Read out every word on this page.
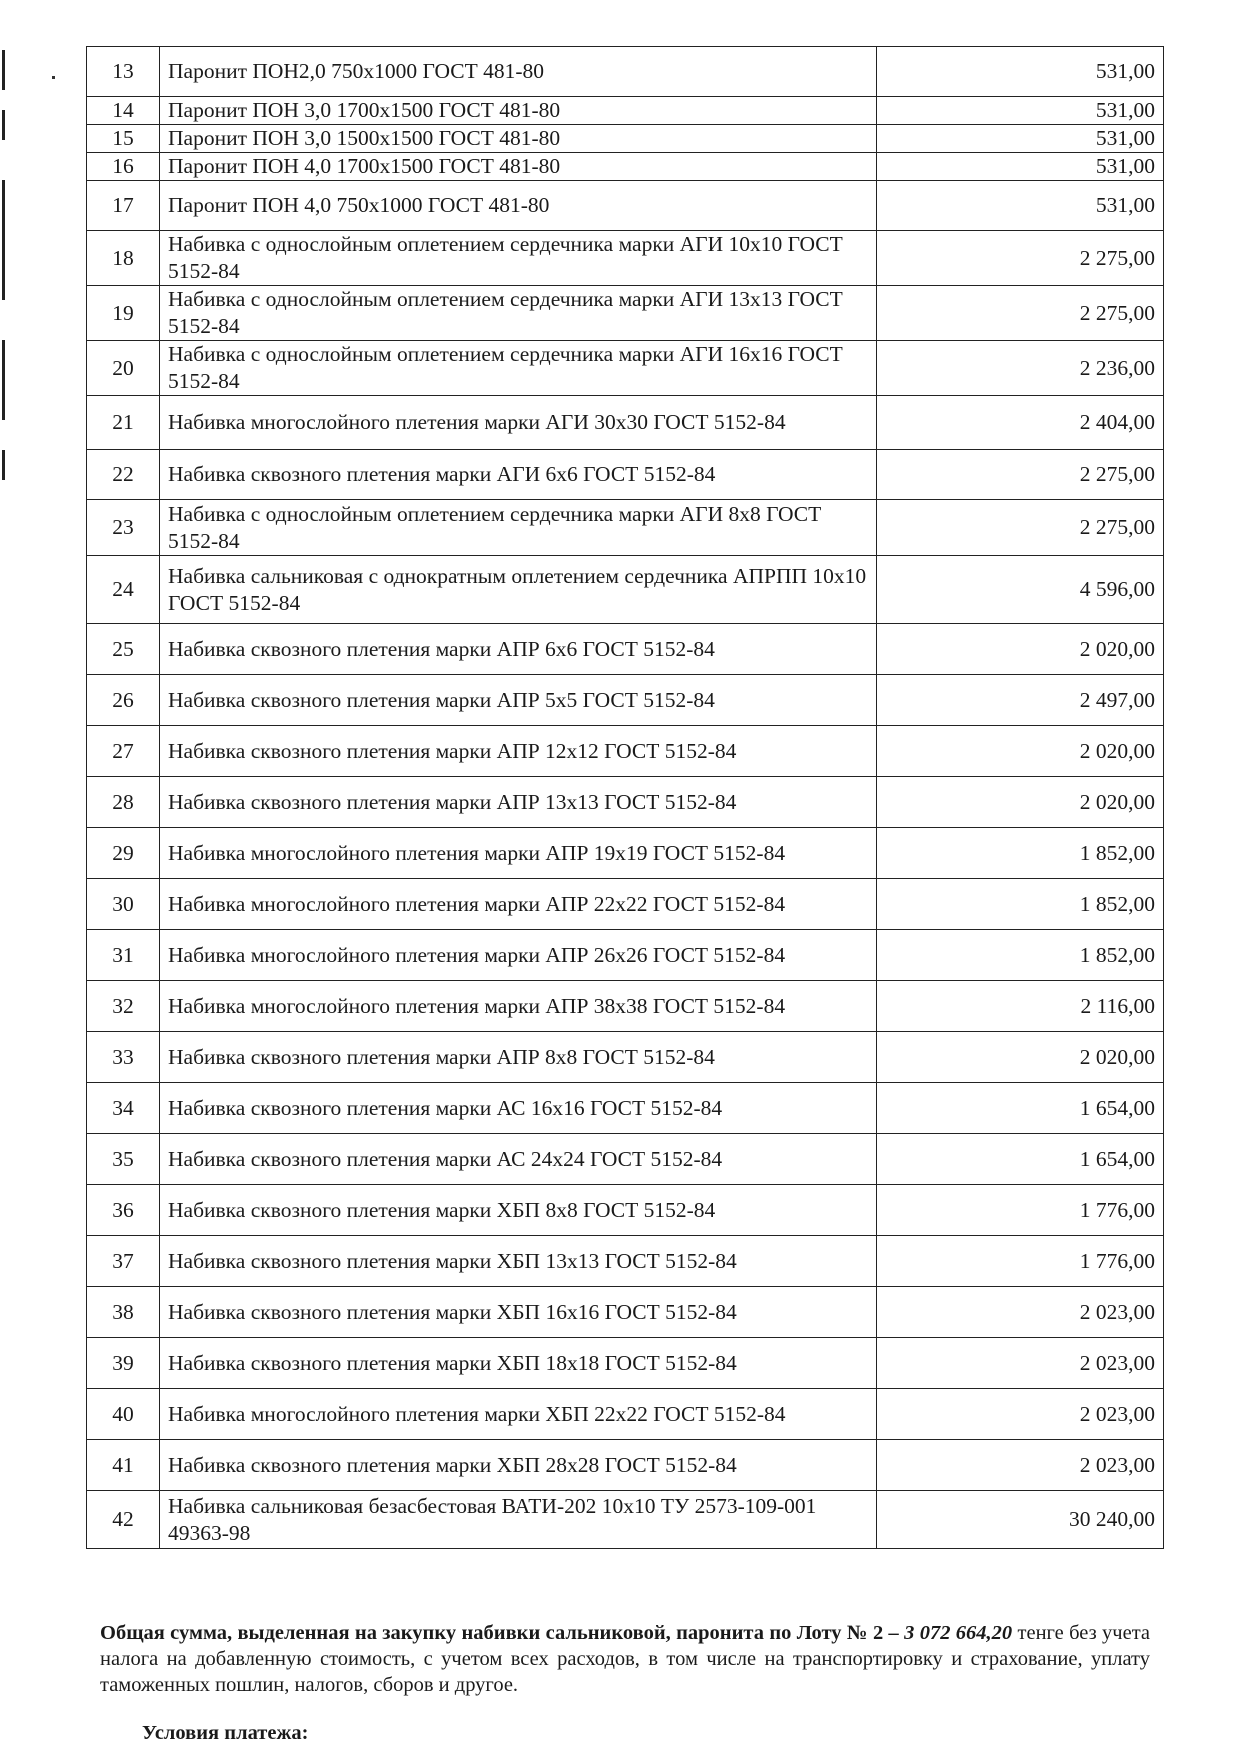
13	Паронит ПОН2,0 750х1000 ГОСТ 481-80	531,00
14	Паронит ПОН 3,0 1700х1500 ГОСТ 481-80	531,00
15	Паронит ПОН 3,0 1500х1500 ГОСТ 481-80	531,00
16	Паронит ПОН 4,0 1700х1500 ГОСТ 481-80	531,00
17	Паронит ПОН 4,0 750х1000 ГОСТ 481-80	531,00
18	Набивка с однослойным оплетением сердечника марки АГИ 10х10 ГОСТ 5152-84	2 275,00
19	Набивка с однослойным оплетением сердечника марки АГИ 13х13 ГОСТ 5152-84	2 275,00
20	Набивка с однослойным оплетением сердечника марки АГИ 16х16 ГОСТ 5152-84	2 236,00
21	Набивка многослойного плетения марки АГИ 30х30 ГОСТ 5152-84	2 404,00
22	Набивка сквозного плетения марки АГИ 6х6 ГОСТ 5152-84	2 275,00
23	Набивка с однослойным оплетением сердечника марки АГИ 8х8 ГОСТ 5152-84	2 275,00
24	Набивка сальниковая с однократным оплетением сердечника АПРПП 10х10 ГОСТ 5152-84	4 596,00
25	Набивка сквозного плетения марки АПР 6х6 ГОСТ 5152-84	2 020,00
26	Набивка сквозного плетения марки АПР 5х5 ГОСТ 5152-84	2 497,00
27	Набивка сквозного плетения марки АПР 12х12 ГОСТ 5152-84	2 020,00
28	Набивка сквозного плетения марки АПР 13х13 ГОСТ 5152-84	2 020,00
29	Набивка многослойного плетения марки АПР 19х19 ГОСТ 5152-84	1 852,00
30	Набивка многослойного плетения марки АПР 22х22 ГОСТ 5152-84	1 852,00
31	Набивка многослойного плетения марки АПР 26х26 ГОСТ 5152-84	1 852,00
32	Набивка многослойного плетения марки АПР 38х38 ГОСТ 5152-84	2 116,00
33	Набивка сквозного плетения марки АПР 8х8 ГОСТ 5152-84	2 020,00
34	Набивка сквозного плетения марки АС 16х16 ГОСТ 5152-84	1 654,00
35	Набивка сквозного плетения марки АС 24х24 ГОСТ 5152-84	1 654,00
36	Набивка сквозного плетения марки ХБП 8х8 ГОСТ 5152-84	1 776,00
37	Набивка сквозного плетения марки ХБП 13х13 ГОСТ 5152-84	1 776,00
38	Набивка сквозного плетения марки ХБП 16х16 ГОСТ 5152-84	2 023,00
39	Набивка сквозного плетения марки ХБП 18х18 ГОСТ 5152-84	2 023,00
40	Набивка многослойного плетения марки ХБП 22х22 ГОСТ 5152-84	2 023,00
41	Набивка сквозного плетения марки ХБП 28х28 ГОСТ 5152-84	2 023,00
42	Набивка сальниковая безасбестовая ВАТИ-202 10х10 ТУ 2573-109-001 49363-98	30 240,00
Общая сумма, выделенная на закупку набивки сальниковой, паронита по Лоту № 2 – 3 072 664,20 тенге без учета налога на добавленную стоимость, с учетом всех расходов, в том числе на транспортировку и страхование, уплату таможенных пошлин, налогов, сборов и другое.
Условия платежа:
